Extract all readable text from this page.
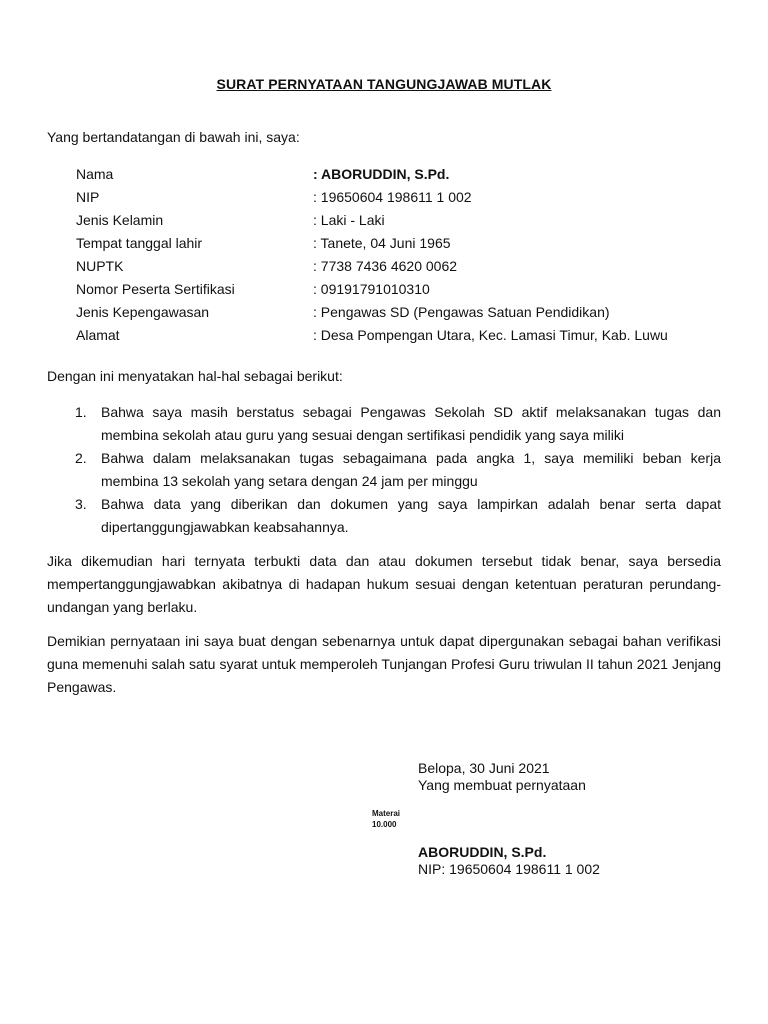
SURAT PERNYATAAN TANGUNGJAWAB MUTLAK
Yang bertandatangan di bawah ini, saya:
Nama	: ABORUDDIN, S.Pd.
NIP	: 19650604 198611 1 002
Jenis Kelamin	: Laki - Laki
Tempat tanggal lahir	: Tanete, 04 Juni 1965
NUPTK	: 7738 7436 4620 0062
Nomor Peserta Sertifikasi	: 09191791010310
Jenis Kepengawasan	: Pengawas SD (Pengawas Satuan Pendidikan)
Alamat	: Desa Pompengan Utara, Kec. Lamasi Timur, Kab. Luwu
Dengan ini menyatakan hal-hal sebagai berikut:
1. Bahwa saya masih berstatus sebagai Pengawas Sekolah SD aktif melaksanakan tugas dan membina sekolah atau guru yang sesuai dengan sertifikasi pendidik yang saya miliki
2. Bahwa dalam melaksanakan tugas sebagaimana pada angka 1, saya memiliki beban kerja membina 13 sekolah yang setara dengan 24 jam per minggu
3. Bahwa data yang diberikan dan dokumen yang saya lampirkan adalah benar serta dapat dipertanggungjawabkan keabsahannya.
Jika dikemudian hari ternyata terbukti data dan atau dokumen tersebut tidak benar, saya bersedia mempertanggungjawabkan akibatnya di hadapan hukum sesuai dengan ketentuan peraturan perundang-undangan yang berlaku.
Demikian pernyataan ini saya buat dengan sebenarnya untuk dapat dipergunakan sebagai bahan verifikasi guna memenuhi salah satu syarat untuk memperoleh Tunjangan Profesi Guru triwulan II tahun 2021 Jenjang Pengawas.
Belopa, 30 Juni 2021
Yang membuat pernyataan
Materai
10.000
ABORUDDIN, S.Pd.
NIP: 19650604 198611 1 002
